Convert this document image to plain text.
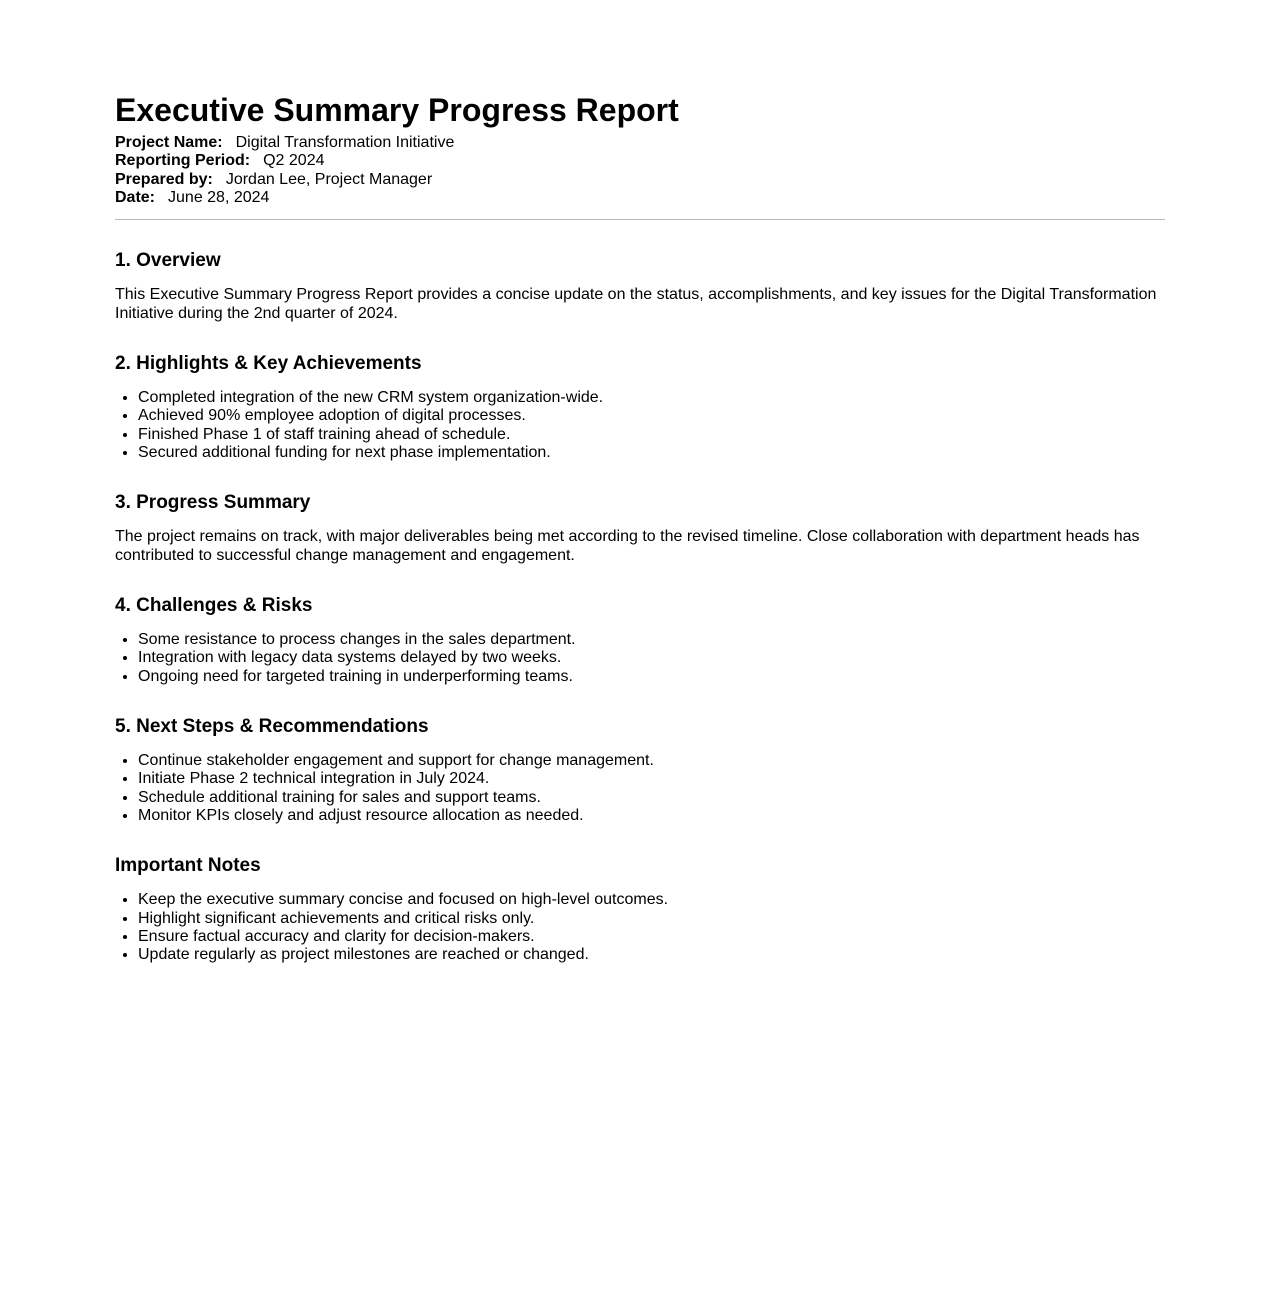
Executive Summary Progress Report
Project Name: Digital Transformation Initiative
Reporting Period: Q2 2024
Prepared by: Jordan Lee, Project Manager
Date: June 28, 2024
1. Overview

This Executive Summary Progress Report provides a concise update on the status, accomplishments, and key issues for the Digital Transformation Initiative during the 2nd quarter of 2024.

2. Highlights & Key Achievements
• Completed integration of the new CRM system organization-wide.
• Achieved 90% employee adoption of digital processes.
• Finished Phase 1 of staff training ahead of schedule.
• Secured additional funding for next phase implementation.
3. Progress Summary

The project remains on track, with major deliverables being met according to the revised timeline. Close collaboration with department heads has contributed to successful change management and engagement.

4. Challenges & Risks
• Some resistance to process changes in the sales department.
• Integration with legacy data systems delayed by two weeks.
• Ongoing need for targeted training in underperforming teams.
5. Next Steps & Recommendations
• Continue stakeholder engagement and support for change management.
• Initiate Phase 2 technical integration in July 2024.
• Schedule additional training for sales and support teams.
• Monitor KPIs closely and adjust resource allocation as needed.
Important Notes
• Keep the executive summary concise and focused on high-level outcomes.
• Highlight significant achievements and critical risks only.
• Ensure factual accuracy and clarity for decision-makers.
• Update regularly as project milestones are reached or changed.
